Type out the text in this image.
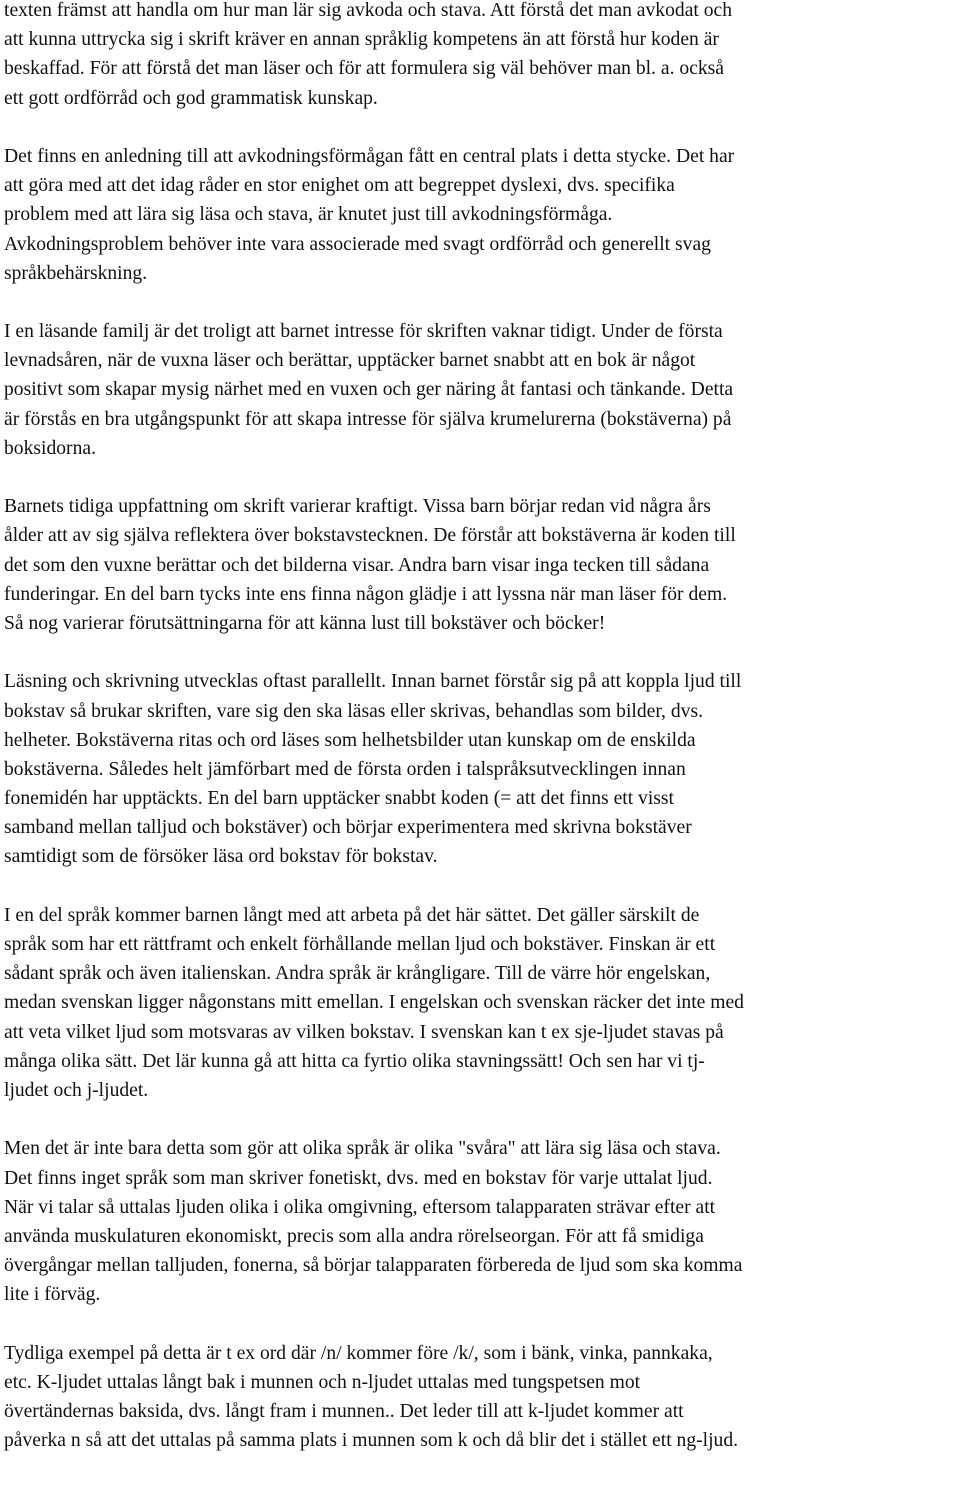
texten främst att handla om hur man lär sig avkoda och stava. Att förstå det man avkodat och
att kunna uttrycka sig i skrift kräver en annan språklig kompetens än att förstå hur koden är
beskaffad. För att förstå det man läser och för att formulera sig väl behöver man bl. a. också
ett gott ordförråd och god grammatisk kunskap.

Det finns en anledning till att avkodningsförmågan fått en central plats i detta stycke. Det har
att göra med att det idag råder en stor enighet om att begreppet dyslexi, dvs. specifika
problem med att lära sig läsa och stava, är knutet just till avkodningsförmåga.
Avkodningsproblem behöver inte vara associerade med svagt ordförråd och generellt svag
språkbehärskning.

I en läsande familj är det troligt att barnet intresse för skriften vaknar tidigt. Under de första
levnadsåren, när de vuxna läser och berättar, upptäcker barnet snabbt att en bok är något
positivt som skapar mysig närhet med en vuxen och ger näring åt fantasi och tänkande. Detta
är förstås en bra utgångspunkt för att skapa intresse för själva krumelurerna (bokstäverna) på
boksidorna.

Barnets tidiga uppfattning om skrift varierar kraftigt. Vissa barn börjar redan vid några års
ålder att av sig själva reflektera över bokstavstecknen. De förstår att bokstäverna är koden till
det som den vuxne berättar och det bilderna visar. Andra barn visar inga tecken till sådana
funderingar. En del barn tycks inte ens finna någon glädje i att lyssna när man läser för dem.
Så nog varierar förutsättningarna för att känna lust till bokstäver och böcker!

Läsning och skrivning utvecklas oftast parallellt. Innan barnet förstår sig på att koppla ljud till
bokstav så brukar skriften, vare sig den ska läsas eller skrivas, behandlas som bilder, dvs.
helheter. Bokstäverna ritas och ord läses som helhetsbilder utan kunskap om de enskilda
bokstäverna. Således helt jämförbart med de första orden i talspråksutvecklingen innan
fonemidén har upptäckts. En del barn upptäcker snabbt koden (= att det finns ett visst
samband mellan talljud och bokstäver) och börjar experimentera med skrivna bokstäver
samtidigt som de försöker läsa ord bokstav för bokstav.

I en del språk kommer barnen långt med att arbeta på det här sättet. Det gäller särskilt de
språk som har ett rättframt och enkelt förhållande mellan ljud och bokstäver. Finskan är ett
sådant språk och även italienskan. Andra språk är krångligare. Till de värre hör engelskan,
medan svenskan ligger någonstans mitt emellan. I engelskan och svenskan räcker det inte med
att veta vilket ljud som motsvaras av vilken bokstav. I svenskan kan t ex sje-ljudet stavas på
många olika sätt. Det lär kunna gå att hitta ca fyrtio olika stavningssätt! Och sen har vi tj-
ljudet och j-ljudet.

Men det är inte bara detta som gör att olika språk är olika "svåra" att lära sig läsa och stava.
Det finns inget språk som man skriver fonetiskt, dvs. med en bokstav för varje uttalat ljud.
När vi talar så uttalas ljuden olika i olika omgivning, eftersom talapparaten strävar efter att
använda muskulaturen ekonomiskt, precis som alla andra rörelseorgan. För att få smidiga
övergångar mellan talljuden, fonerna, så börjar talapparaten förbereda de ljud som ska komma
lite i förväg.

Tydliga exempel på detta är t ex ord där /n/ kommer före /k/, som i bänk, vinka, pannkaka,
etc. K-ljudet uttalas långt bak i munnen och n-ljudet uttalas med tungspetsen mot
övertändernas baksida, dvs. långt fram i munnen.. Det leder till att k-ljudet kommer att
påverka n så att det uttalas på samma plats i munnen som k och då blir det i stället ett ng-ljud.
